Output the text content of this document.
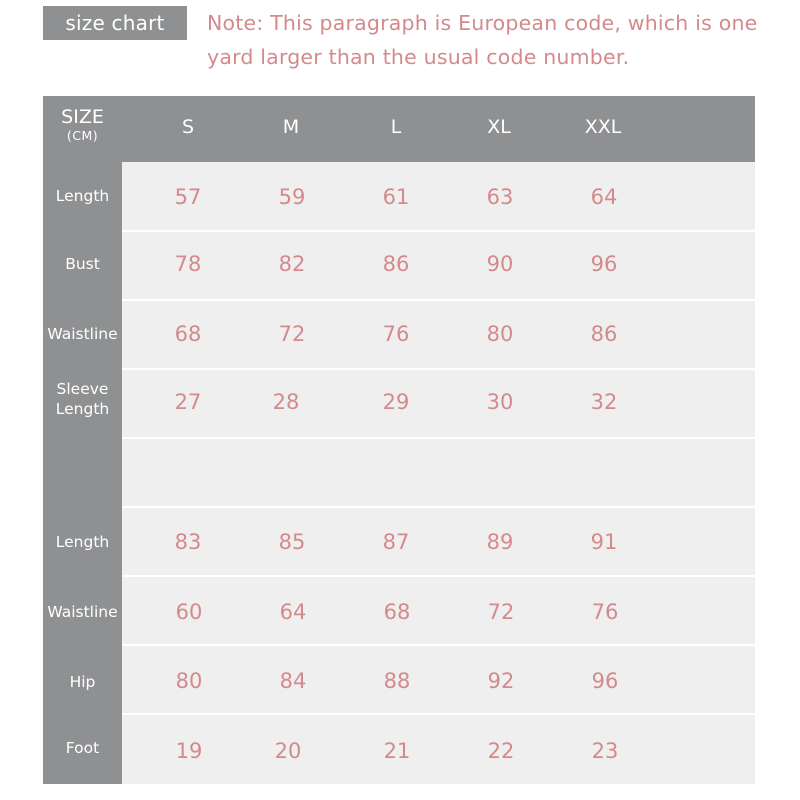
size chart	Note: This paragraph is European code, which is one yard larger than the usual code number.
SIZE
(CM)	S	M	L	XL	XXL
Length	57	59	61	63	64
Bust	78	82	86	90	96
Waistline	68	72	76	80	86
Sleeve
Length	27	28	29	30	32
Length	83	85	87	89	91
Waistline	60	64	68	72	76
Hip	80	84	88	92	96
Foot	19	20	21	22	23
